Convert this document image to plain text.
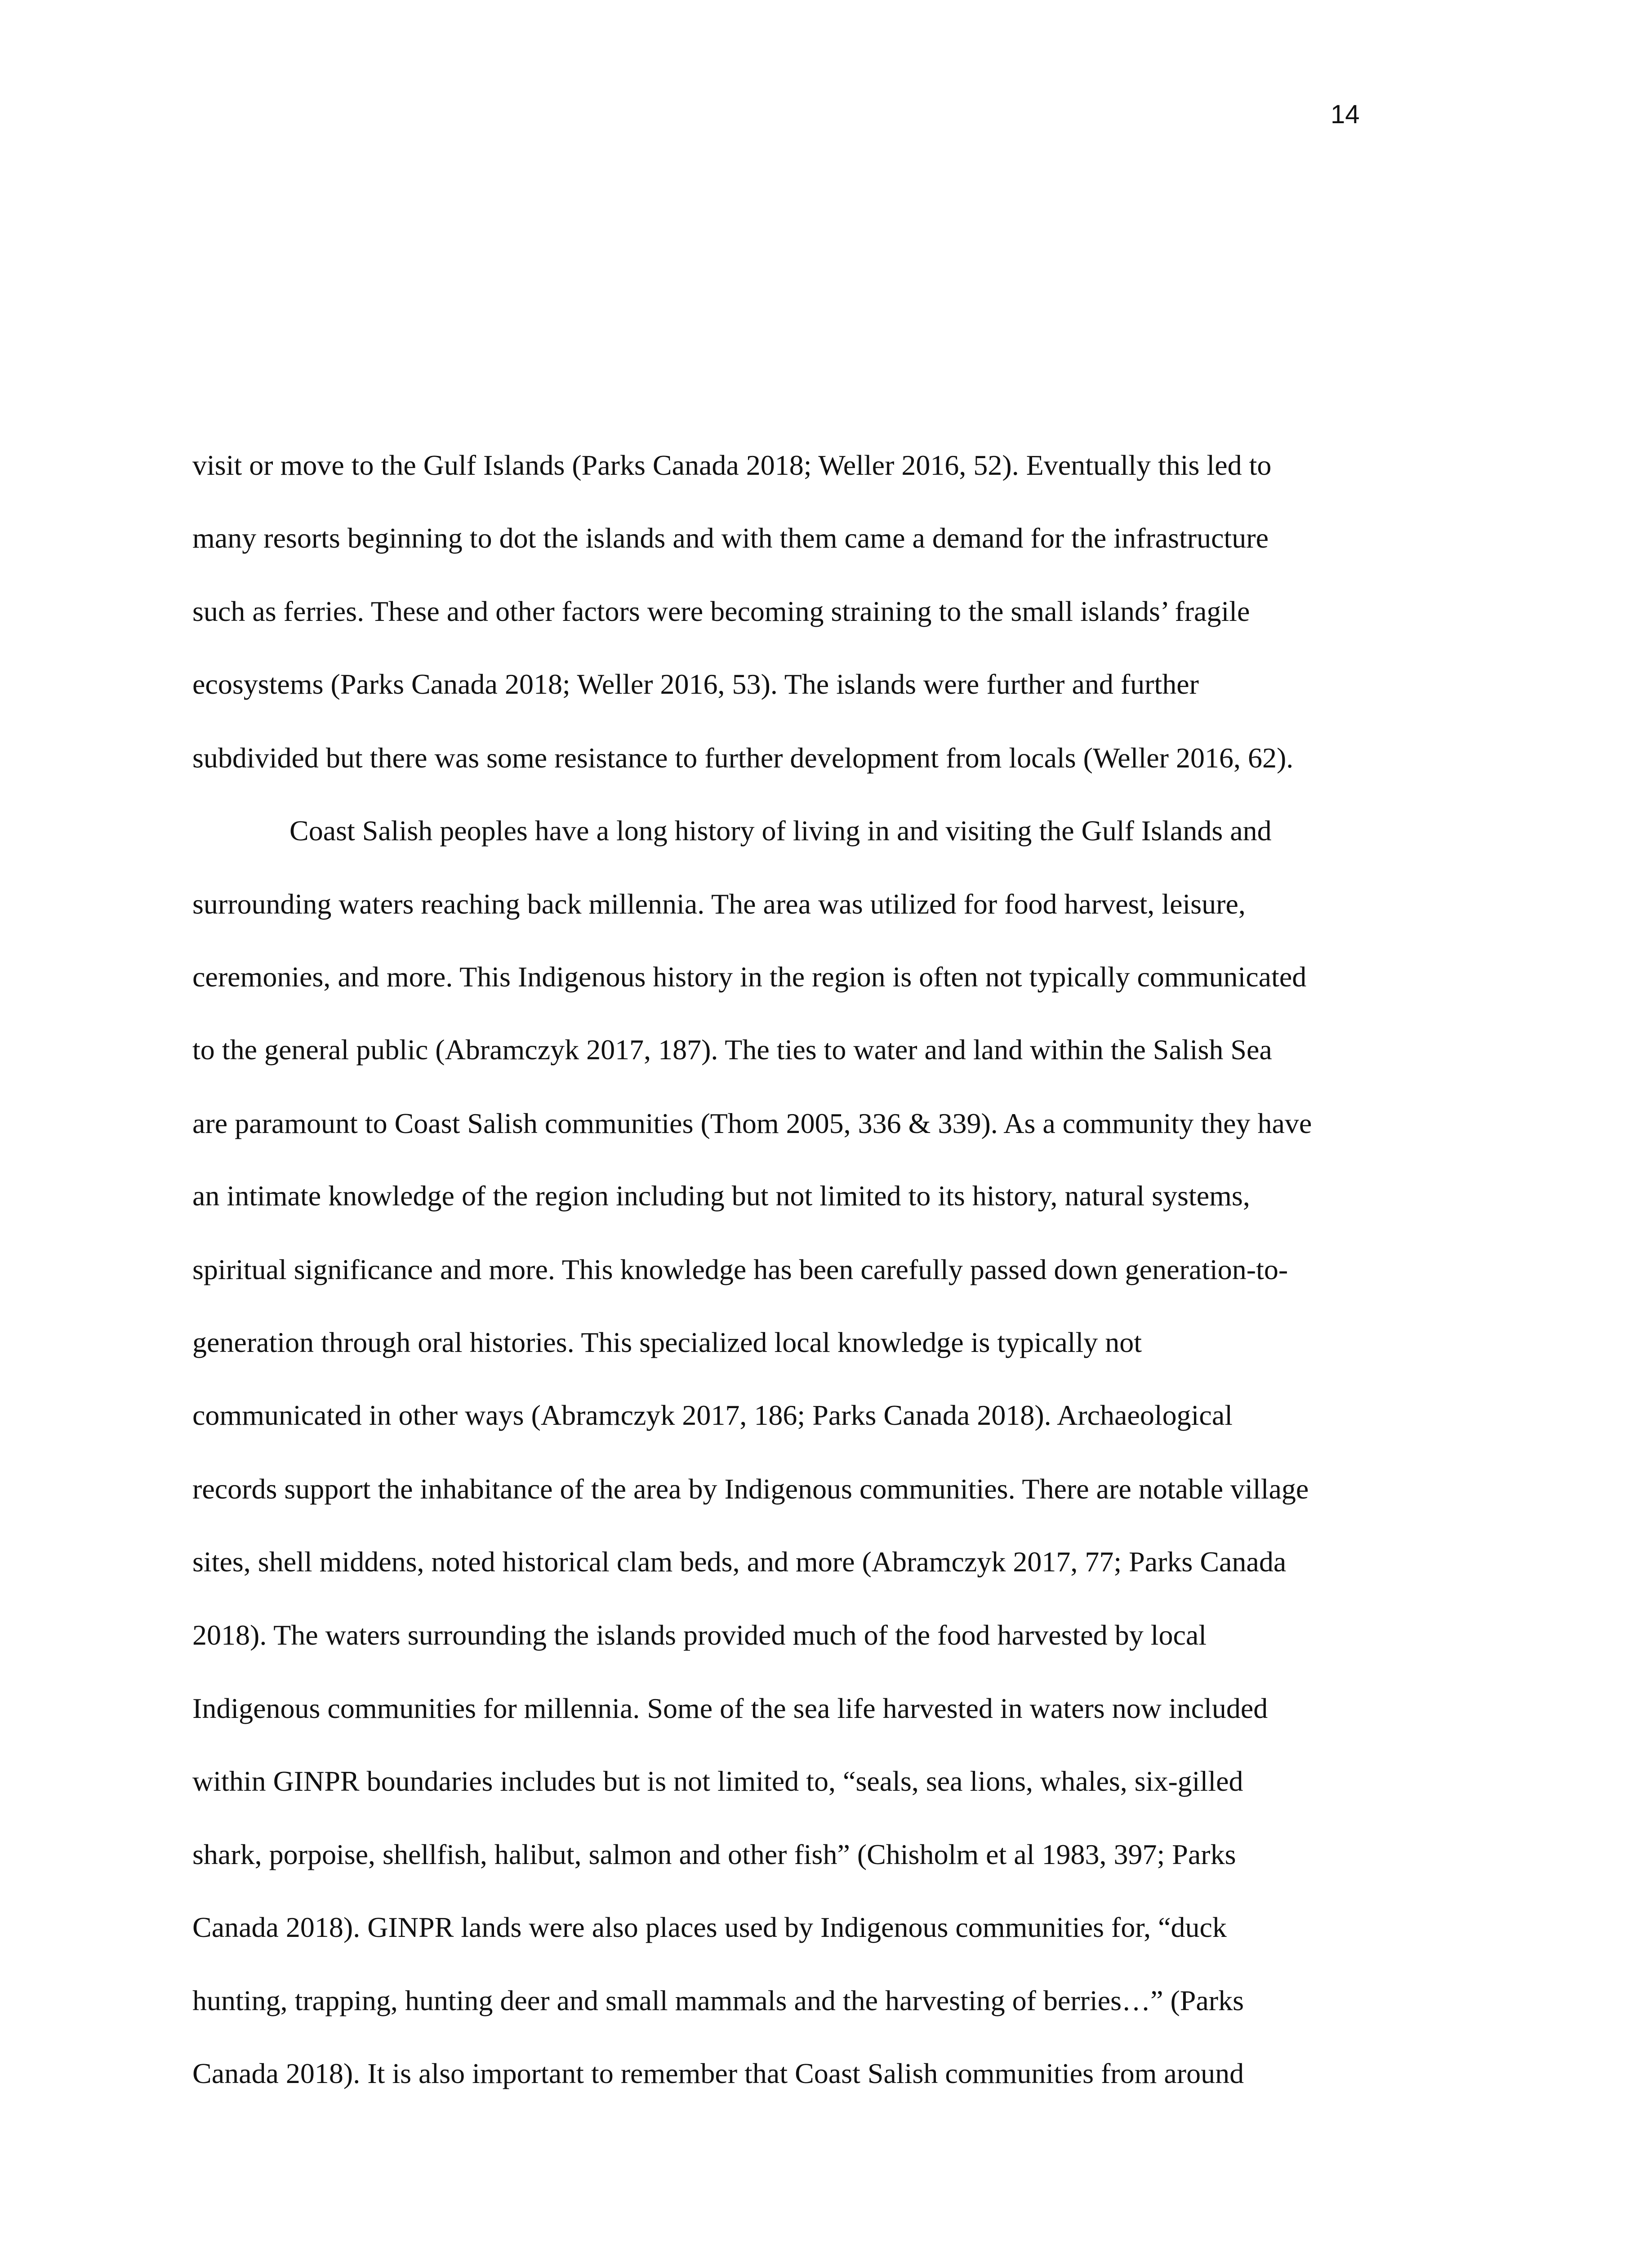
14
visit or move to the Gulf Islands (Parks Canada 2018; Weller 2016, 52). Eventually this led to
many resorts beginning to dot the islands and with them came a demand for the infrastructure
such as ferries. These and other factors were becoming straining to the small islands’ fragile
ecosystems (Parks Canada 2018; Weller 2016, 53). The islands were further and further
subdivided but there was some resistance to further development from locals (Weller 2016, 62).
Coast Salish peoples have a long history of living in and visiting the Gulf Islands and
surrounding waters reaching back millennia. The area was utilized for food harvest, leisure,
ceremonies, and more. This Indigenous history in the region is often not typically communicated
to the general public (Abramczyk 2017, 187). The ties to water and land within the Salish Sea
are paramount to Coast Salish communities (Thom 2005, 336 & 339). As a community they have
an intimate knowledge of the region including but not limited to its history, natural systems,
spiritual significance and more. This knowledge has been carefully passed down generation-to-
generation through oral histories. This specialized local knowledge is typically not
communicated in other ways (Abramczyk 2017, 186; Parks Canada 2018). Archaeological
records support the inhabitance of the area by Indigenous communities. There are notable village
sites, shell middens, noted historical clam beds, and more (Abramczyk 2017, 77; Parks Canada
2018). The waters surrounding the islands provided much of the food harvested by local
Indigenous communities for millennia. Some of the sea life harvested in waters now included
within GINPR boundaries includes but is not limited to, “seals, sea lions, whales, six-gilled
shark, porpoise, shellfish, halibut, salmon and other fish” (Chisholm et al 1983, 397; Parks
Canada 2018). GINPR lands were also places used by Indigenous communities for, “duck
hunting, trapping, hunting deer and small mammals and the harvesting of berries…” (Parks
Canada 2018). It is also important to remember that Coast Salish communities from around
